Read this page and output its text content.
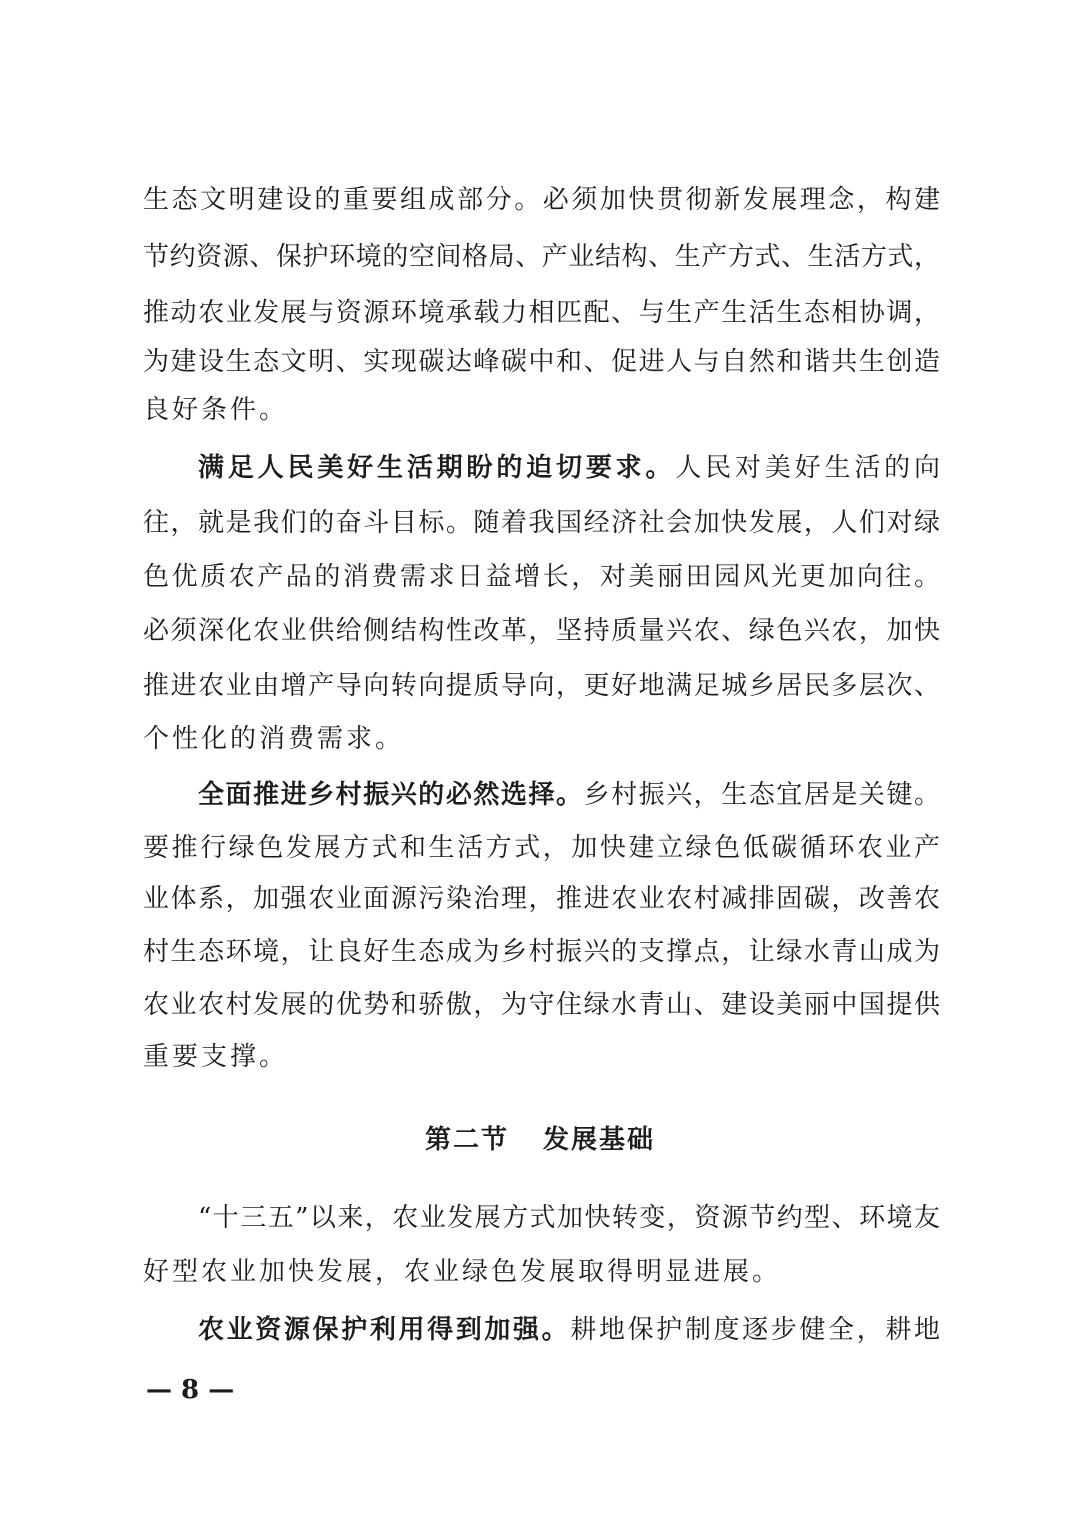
生态文明建设的重要组成部分。必须加快贯彻新发展理念，构建
节约资源、保护环境的空间格局、产业结构、生产方式、生活方式，
推动农业发展与资源环境承载力相匹配、与生产生活生态相协调，
为建设生态文明、实现碳达峰碳中和、促进人与自然和谐共生创造
良好条件。
满足人民美好生活期盼的迫切要求。人民对美好生活的向
往，就是我们的奋斗目标。随着我国经济社会加快发展，人们对绿
色优质农产品的消费需求日益增长，对美丽田园风光更加向往。
必须深化农业供给侧结构性改革，坚持质量兴农、绿色兴农，加快
推进农业由增产导向转向提质导向，更好地满足城乡居民多层次、
个性化的消费需求。
全面推进乡村振兴的必然选择。乡村振兴，生态宜居是关键。
要推行绿色发展方式和生活方式，加快建立绿色低碳循环农业产
业体系，加强农业面源污染治理，推进农业农村减排固碳，改善农
村生态环境，让良好生态成为乡村振兴的支撑点，让绿水青山成为
农业农村发展的优势和骄傲，为守住绿水青山、建设美丽中国提供
重要支撑。
第二节 发展基础
“十三五”以来，农业发展方式加快转变，资源节约型、环境友
好型农业加快发展，农业绿色发展取得明显进展。
农业资源保护利用得到加强。耕地保护制度逐步健全，耕地
— 8 —
